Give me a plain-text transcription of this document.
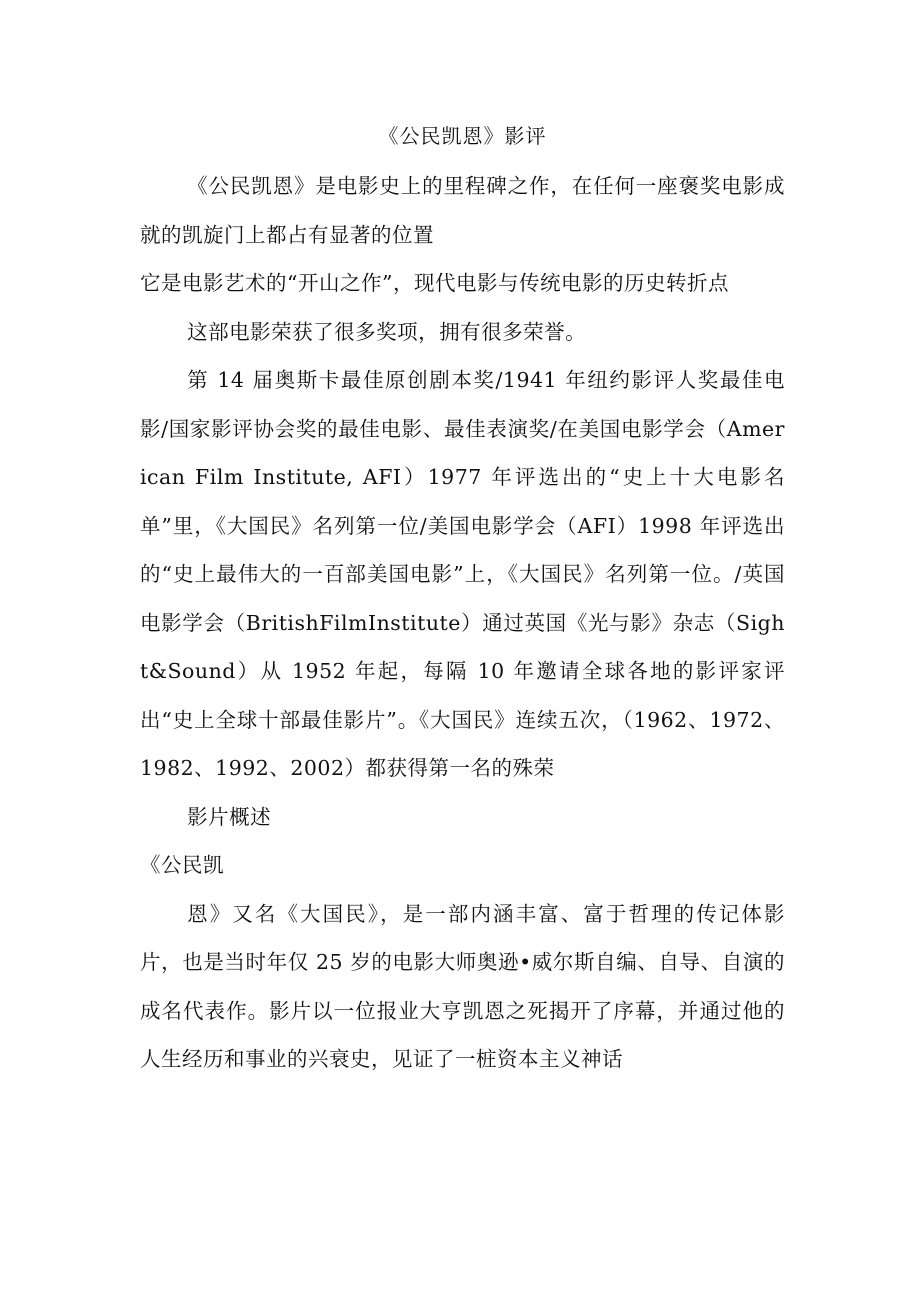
《公民凯恩》影评

《公民凯恩》是电影史上的里程碑之作，在任何一座褒奖电影成就的凯旋门上都占有显著的位置

它是电影艺术的“开山之作”，现代电影与传统电影的历史转折点

这部电影荣获了很多奖项，拥有很多荣誉。

第 14 届奥斯卡最佳原创剧本奖/1941 年纽约影评人奖最佳电影/国家影评协会奖的最佳电影、最佳表演奖/在美国电影学会（American Film Institute, AFI）1977 年评选出的“史上十大电影名单”里，《大国民》名列第一位/美国电影学会（AFI）1998 年评选出的“史上最伟大的一百部美国电影”上，《大国民》名列第一位。/英国电影学会（BritishFilmInstitute）通过英国《光与影》杂志（Sight&Sound）从 1952 年起，每隔 10 年邀请全球各地的影评家评出“史上全球十部最佳影片”。《大国民》连续五次，（1962、1972、1982、1992、2002）都获得第一名的殊荣

影片概述

《公民凯

恩》又名《大国民》，是一部内涵丰富、富于哲理的传记体影片，也是当时年仅 25 岁的电影大师奥逊•威尔斯自编、自导、自演的成名代表作。影片以一位报业大亨凯恩之死揭开了序幕，并通过他的人生经历和事业的兴衰史，见证了一桩资本主义神话
